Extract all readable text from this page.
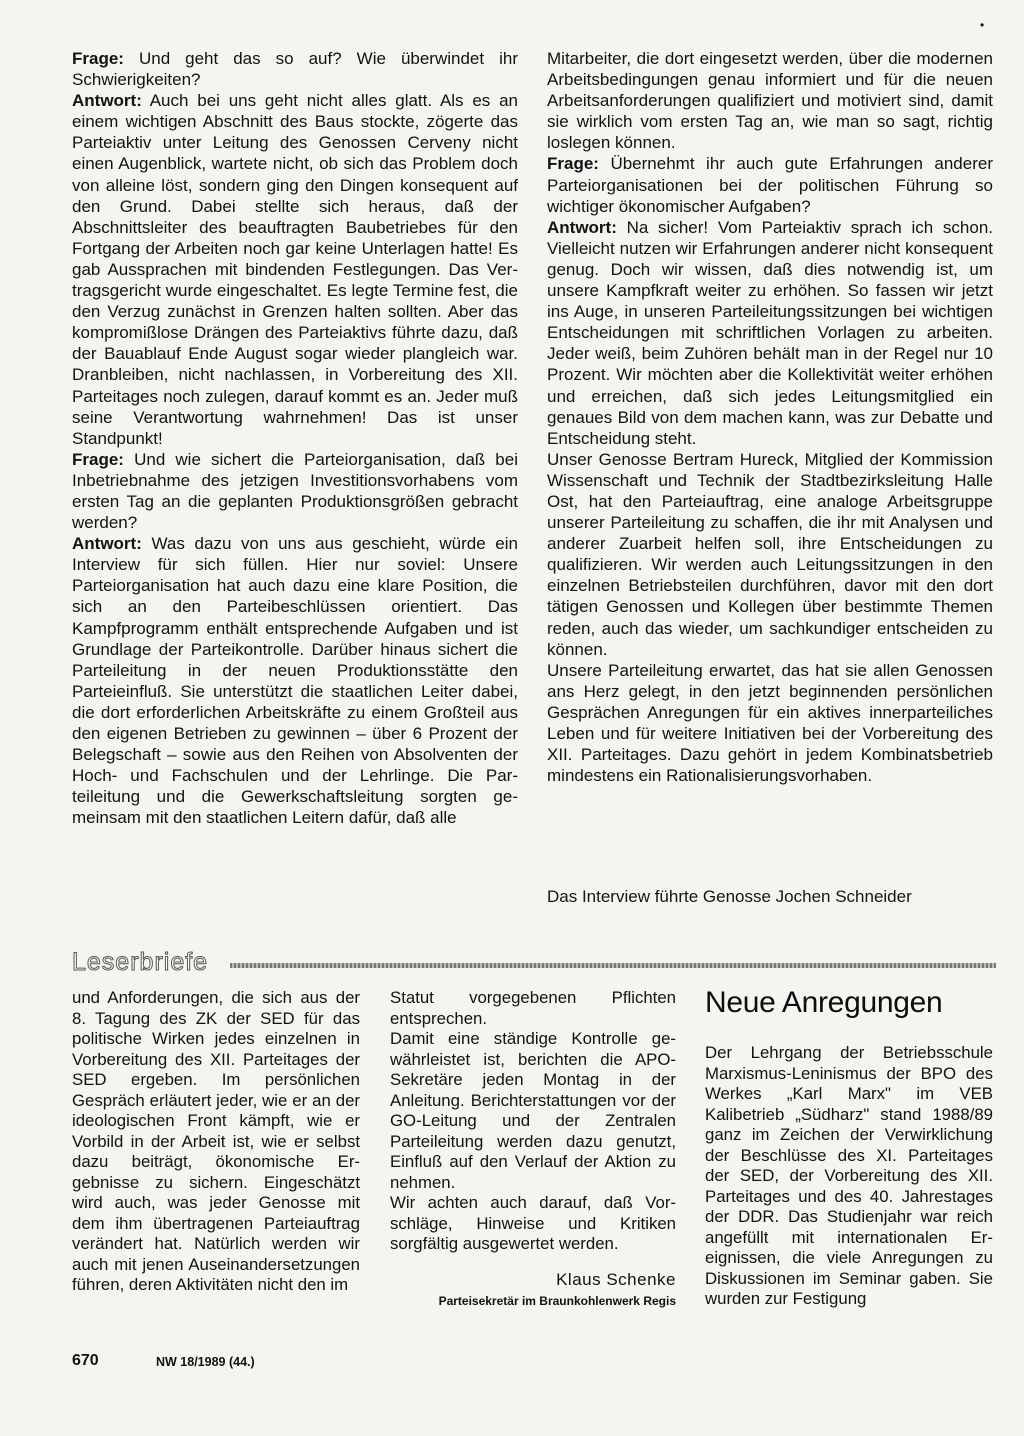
•

Frage: Und geht das so auf? Wie überwindet ihr Schwierigkeiten?

Antwort: Auch bei uns geht nicht alles glatt. Als es an einem wichtigen Abschnitt des Baus stockte, zögerte das Parteiaktiv unter Leitung des Genossen Cerveny nicht einen Augenblick, wartete nicht, ob sich das Problem doch von alleine löst, sondern ging den Dingen konsequent auf den Grund. Dabei stellte sich heraus, daß der Abschnittsleiter des beauftragten Baubetriebes für den Fortgang der Arbeiten noch gar keine Unterlagen hatte! Es gab Aussprachen mit bindenden Festlegungen. Das Vertragsgericht wurde eingeschaltet. Es legte Termine fest, die den Verzug zunächst in Grenzen halten sollten. Aber das kompromißlose Drängen des Parteiaktivs führte dazu, daß der Bauablauf Ende August sogar wieder plangleich war. Dranbleiben, nicht nachlassen, in Vorbereitung des XII. Parteitages noch zulegen, darauf kommt es an. Jeder muß seine Verantwortung wahrnehmen! Das ist unser Standpunkt!

Frage: Und wie sichert die Parteiorganisation, daß bei Inbetriebnahme des jetzigen Investitionsvorhabens vom ersten Tag an die geplanten Produktionsgrößen gebracht werden?

Antwort: Was dazu von uns aus geschieht, würde ein Interview für sich füllen. Hier nur soviel: Unsere Parteiorganisation hat auch dazu eine klare Position, die sich an den Parteibeschlüssen orientiert. Das Kampfprogramm enthält entsprechende Aufgaben und ist Grundlage der Parteikontrolle. Darüber hinaus sichert die Parteileitung in der neuen Produktionsstätte den Parteieinfluß. Sie unterstützt die staatlichen Leiter dabei, die dort erforderlichen Arbeitskräfte zu einem Großteil aus den eigenen Betrieben zu gewinnen – über 6 Prozent der Belegschaft – sowie aus den Reihen von Absolventen der Hoch- und Fachschulen und der Lehrlinge. Die Parteileitung und die Gewerkschaftsleitung sorgten gemeinsam mit den staatlichen Leitern dafür, daß alle

Mitarbeiter, die dort eingesetzt werden, über die modernen Arbeitsbedingungen genau informiert und für die neuen Arbeitsanforderungen qualifiziert und motiviert sind, damit sie wirklich vom ersten Tag an, wie man so sagt, richtig loslegen können.

Frage: Übernehmt ihr auch gute Erfahrungen anderer Parteiorganisationen bei der politischen Führung so wichtiger ökonomischer Aufgaben?

Antwort: Na sicher! Vom Parteiaktiv sprach ich schon. Vielleicht nutzen wir Erfahrungen anderer nicht konsequent genug. Doch wir wissen, daß dies notwendig ist, um unsere Kampfkraft weiter zu erhöhen. So fassen wir jetzt ins Auge, in unseren Parteileitungssitzungen bei wichtigen Entscheidungen mit schriftlichen Vorlagen zu arbeiten. Jeder weiß, beim Zuhören behält man in der Regel nur 10 Prozent. Wir möchten aber die Kollektivität weiter erhöhen und erreichen, daß sich jedes Leitungsmitglied ein genaues Bild von dem machen kann, was zur Debatte und Entscheidung steht.

Unser Genosse Bertram Hureck, Mitglied der Kommission Wissenschaft und Technik der Stadtbezirksleitung Halle Ost, hat den Parteiauftrag, eine analoge Arbeitsgruppe unserer Parteileitung zu schaffen, die ihr mit Analysen und anderer Zuarbeit helfen soll, ihre Entscheidungen zu qualifizieren. Wir werden auch Leitungssitzungen in den einzelnen Betriebsteilen durchführen, davor mit den dort tätigen Genossen und Kollegen über bestimmte Themen reden, auch das wieder, um sachkundiger entscheiden zu können.

Unsere Parteileitung erwartet, das hat sie allen Genossen ans Herz gelegt, in den jetzt beginnenden persönlichen Gesprächen Anregungen für ein aktives innerparteiliches Leben und für weitere Initiativen bei der Vorbereitung des XII. Parteitages. Dazu gehört in jedem Kombinatsbetrieb mindestens ein Rationalisierungsvorhaben.

Das Interview führte Genosse Jochen Schneider
Leserbriefe

und Anforderungen, die sich aus der 8. Tagung des ZK der SED für das politische Wirken jedes einzelnen in Vorbereitung des XII. Parteitages der SED ergeben. Im persönlichen Gespräch erläutert jeder, wie er an der ideologischen Front kämpft, wie er Vorbild in der Arbeit ist, wie er selbst dazu beiträgt, ökonomische Ergebnisse zu sichern. Eingeschätzt wird auch, was jeder Genosse mit dem ihm übertragenen Parteiauftrag verändert hat. Natürlich werden wir auch mit jenen Auseinandersetzungen führen, deren Aktivitäten nicht den im

Statut vorgegebenen Pflichten entsprechen.

Damit eine ständige Kontrolle gewährleistet ist, berichten die APO-Sekretäre jeden Montag in der Anleitung. Berichterstattungen vor der GO-Leitung und der Zentralen Parteileitung werden dazu genutzt, Einfluß auf den Verlauf der Aktion zu nehmen.

Wir achten auch darauf, daß Vorschläge, Hinweise und Kritiken sorgfältig ausgewertet werden.

Klaus Schenke
Parteisekretär im Braunkohlenwerk Regis
Neue Anregungen

Der Lehrgang der Betriebsschule Marxismus-Leninismus der BPO des Werkes „Karl Marx" im VEB Kalibetrieb „Südharz" stand 1988/89 ganz im Zeichen der Verwirklichung der Beschlüsse des XI. Parteitages der SED, der Vorbereitung des XII. Parteitages und des 40. Jahrestages der DDR. Das Studienjahr war reich angefüllt mit internationalen Ereignissen, die viele Anregungen zu Diskussionen im Seminar gaben. Sie wurden zur Festigung

670	NW 18/1989 (44.)
